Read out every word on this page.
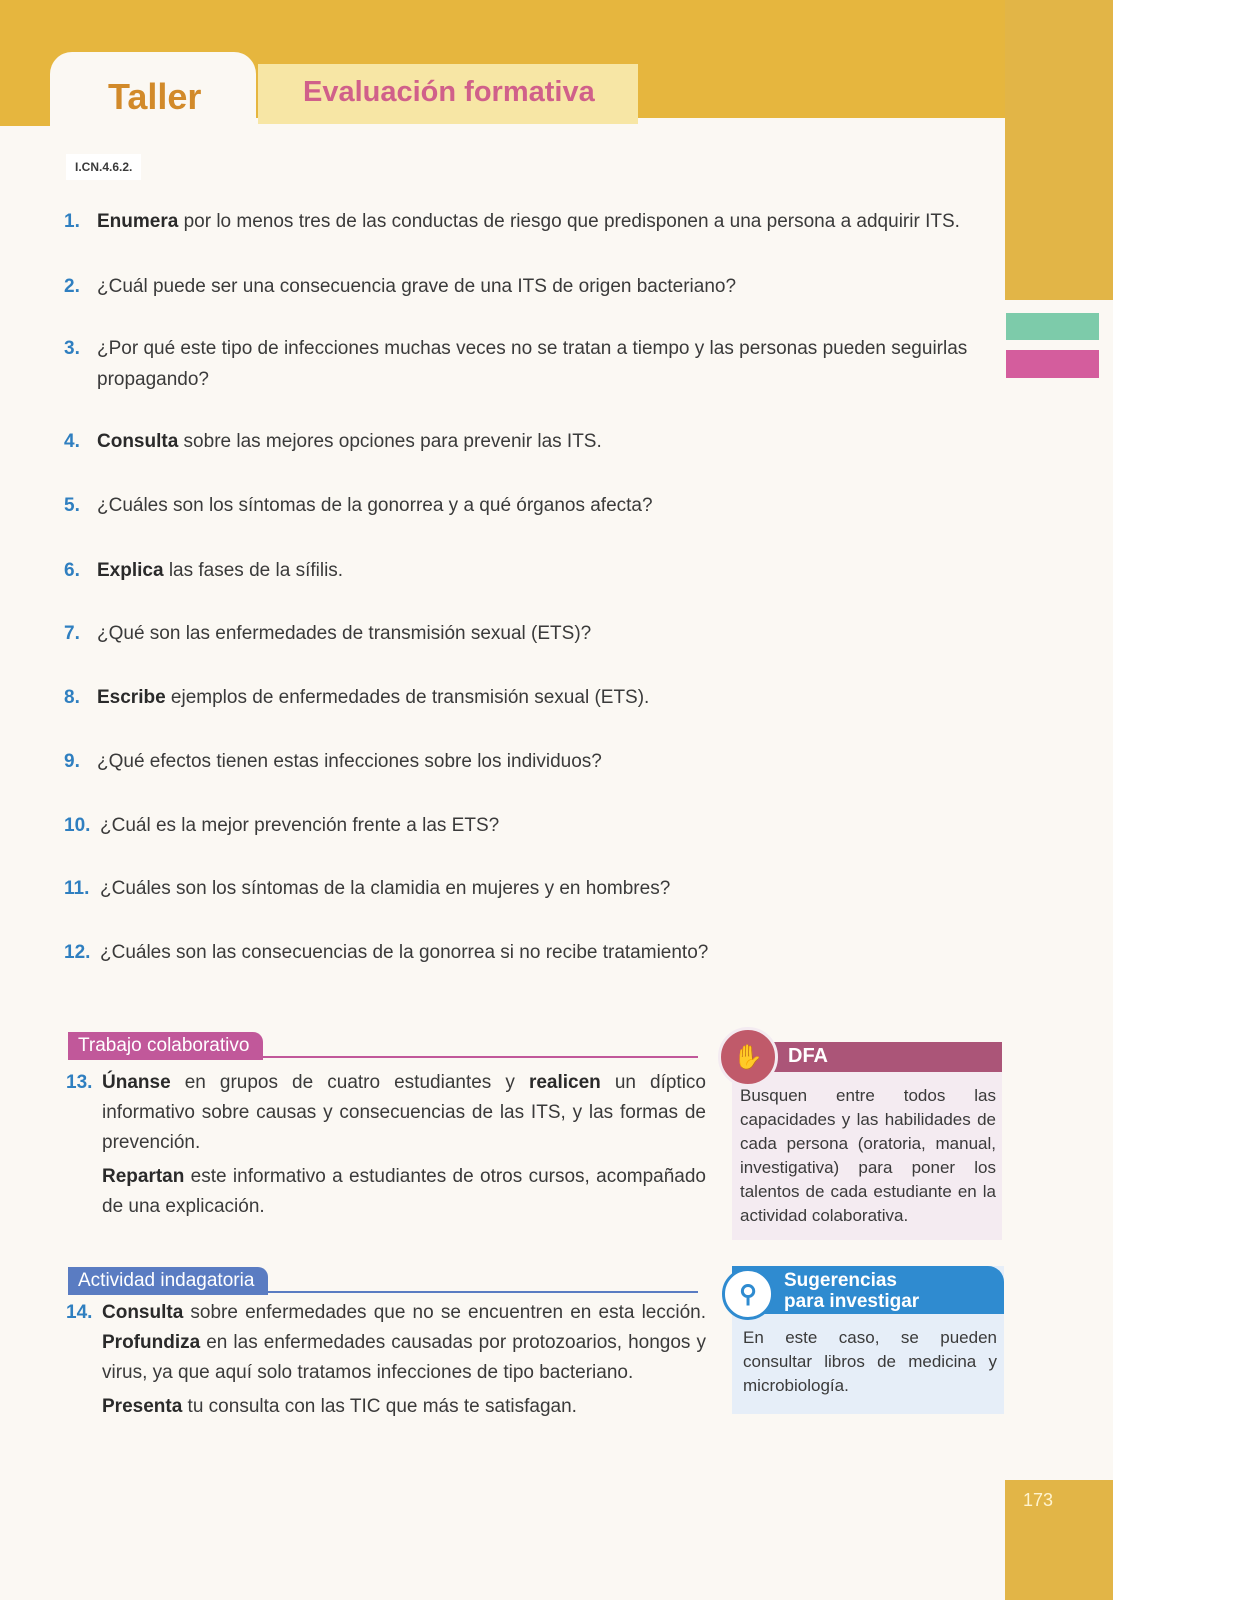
Taller	Evaluación formativa
I.CN.4.6.2.
1. Enumera por lo menos tres de las conductas de riesgo que predisponen a una persona a adquirir ITS.
2. ¿Cuál puede ser una consecuencia grave de una ITS de origen bacteriano?
3. ¿Por qué este tipo de infecciones muchas veces no se tratan a tiempo y las personas pueden seguirlas propagando?
4. Consulta sobre las mejores opciones para prevenir las ITS.
5. ¿Cuáles son los síntomas de la gonorrea y a qué órganos afecta?
6. Explica las fases de la sífilis.
7. ¿Qué son las enfermedades de transmisión sexual (ETS)?
8. Escribe ejemplos de enfermedades de transmisión sexual (ETS).
9. ¿Qué efectos tienen estas infecciones sobre los individuos?
10. ¿Cuál es la mejor prevención frente a las ETS?
11. ¿Cuáles son los síntomas de la clamidia en mujeres y en hombres?
12. ¿Cuáles son las consecuencias de la gonorrea si no recibe tratamiento?
Trabajo colaborativo
13. Únanse en grupos de cuatro estudiantes y realicen un díptico informativo sobre causas y consecuencias de las ITS, y las formas de prevención.

Repartan este informativo a estudiantes de otros cursos, acompañado de una explicación.

Actividad indagatoria
14. Consulta sobre enfermedades que no se encuentren en esta lección. Profundiza en las enfermedades causadas por protozoarios, hongos y virus, ya que aquí solo tratamos infecciones de tipo bacteriano.

Presenta tu consulta con las TIC que más te satisfagan.

DFA
✋
Busquen entre todos las capacidades y las habilidades de cada persona (oratoria, manual, investigativa) para poner los talentos de cada estudiante en la actividad colaborativa.
Sugerencias
para investigar
⚲
En este caso, se pueden consultar libros de medicina y microbiología.
173
